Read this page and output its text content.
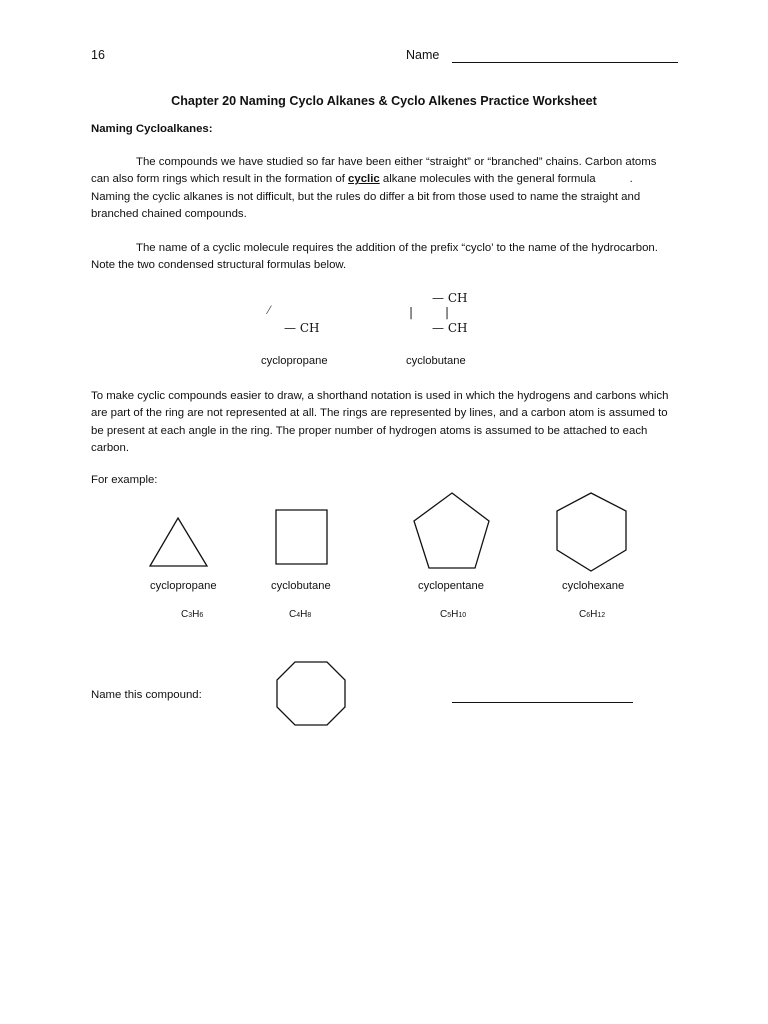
16	Name
Chapter 20 Naming Cyclo Alkanes & Cyclo Alkenes Practice Worksheet
Naming Cycloalkanes:

The compounds we have studied so far have been either “straight” or “branched” chains. Carbon atoms

can also form rings which result in the formation of cyclic alkane molecules with the general formula	.

Naming the cyclic alkanes is not difficult, but the rules do differ a bit from those used to name the straight and

branched chained compounds.

The name of a cyclic molecule requires the addition of the prefix “cyclo’ to the name of the hydrocarbon.

Note the two condensed structural formulas below.

⁄
— CH
cyclopropane
— CH
|	|
— CH
cyclobutane

To make cyclic compounds easier to draw, a shorthand notation is used in which the hydrogens and carbons which

are part of the ring are not represented at all. The rings are represented by lines, and a carbon atom is assumed to

be present at each angle in the ring. The proper number of hydrogen atoms is assumed to be attached to each

carbon.

For example:
cyclopropane	cyclobutane	cyclopentane	cyclohexane
C3H6	C4H8	C5H10	C6H12
Name this compound:
